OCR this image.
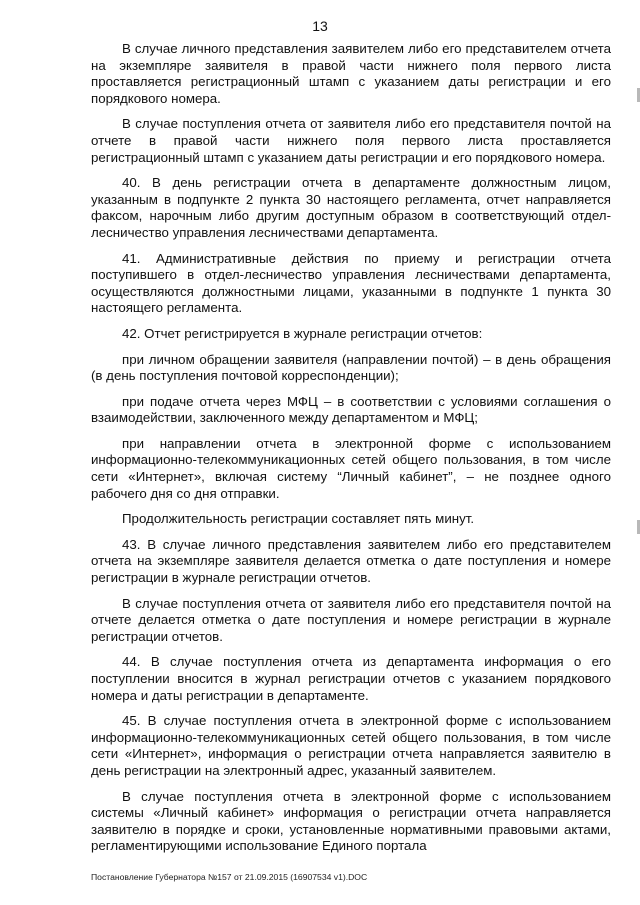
13

В случае личного представления заявителем либо его представителем отчета на экземпляре заявителя в правой части нижнего поля первого листа проставляется регистрационный штамп с указанием даты регистрации и его порядкового номера.

В случае поступления отчета от заявителя либо его представителя почтой на отчете в правой части нижнего поля первого листа проставляется регистрационный штамп с указанием даты регистрации и его порядкового номера.

40. В день регистрации отчета в департаменте должностным лицом, указанным в подпункте 2 пункта 30 настоящего регламента, отчет направляется факсом, нарочным либо другим доступным образом в соответствующий отдел-лесничество управления лесничествами департамента.

41. Административные действия по приему и регистрации отчета поступившего в отдел-лесничество управления лесничествами департамента, осуществляются должностными лицами, указанными в подпункте 1 пункта 30 настоящего регламента.

42. Отчет регистрируется в журнале регистрации отчетов:

при личном обращении заявителя (направлении почтой) – в день обращения (в день поступления почтовой корреспонденции);

при подаче отчета через МФЦ – в соответствии с условиями соглашения о взаимодействии, заключенного между департаментом и МФЦ;

при направлении отчета в электронной форме с использованием информационно-телекоммуникационных сетей общего пользования, в том числе сети «Интернет», включая систему “Личный кабинет”, – не позднее одного рабочего дня со дня отправки.

Продолжительность регистрации составляет пять минут.

43. В случае личного представления заявителем либо его представителем отчета на экземпляре заявителя делается отметка о дате поступления и номере регистрации в журнале регистрации отчетов.

В случае поступления отчета от заявителя либо его представителя почтой на отчете делается отметка о дате поступления и номере регистрации в журнале регистрации отчетов.

44. В случае поступления отчета из департамента информация о его поступлении вносится в журнал регистрации отчетов с указанием порядкового номера и даты регистрации в департаменте.

45. В случае поступления отчета в электронной форме с использованием информационно-телекоммуникационных сетей общего пользования, в том числе сети «Интернет», информация о регистрации отчета направляется заявителю в день регистрации на электронный адрес, указанный заявителем.

В случае поступления отчета в электронной форме с использованием системы «Личный кабинет» информация о регистрации отчета направляется заявителю в порядке и сроки, установленные нормативными правовыми актами, регламентирующими использование Единого портала

Постановление Губернатора №157 от 21.09.2015 (16907534 v1).DOC
